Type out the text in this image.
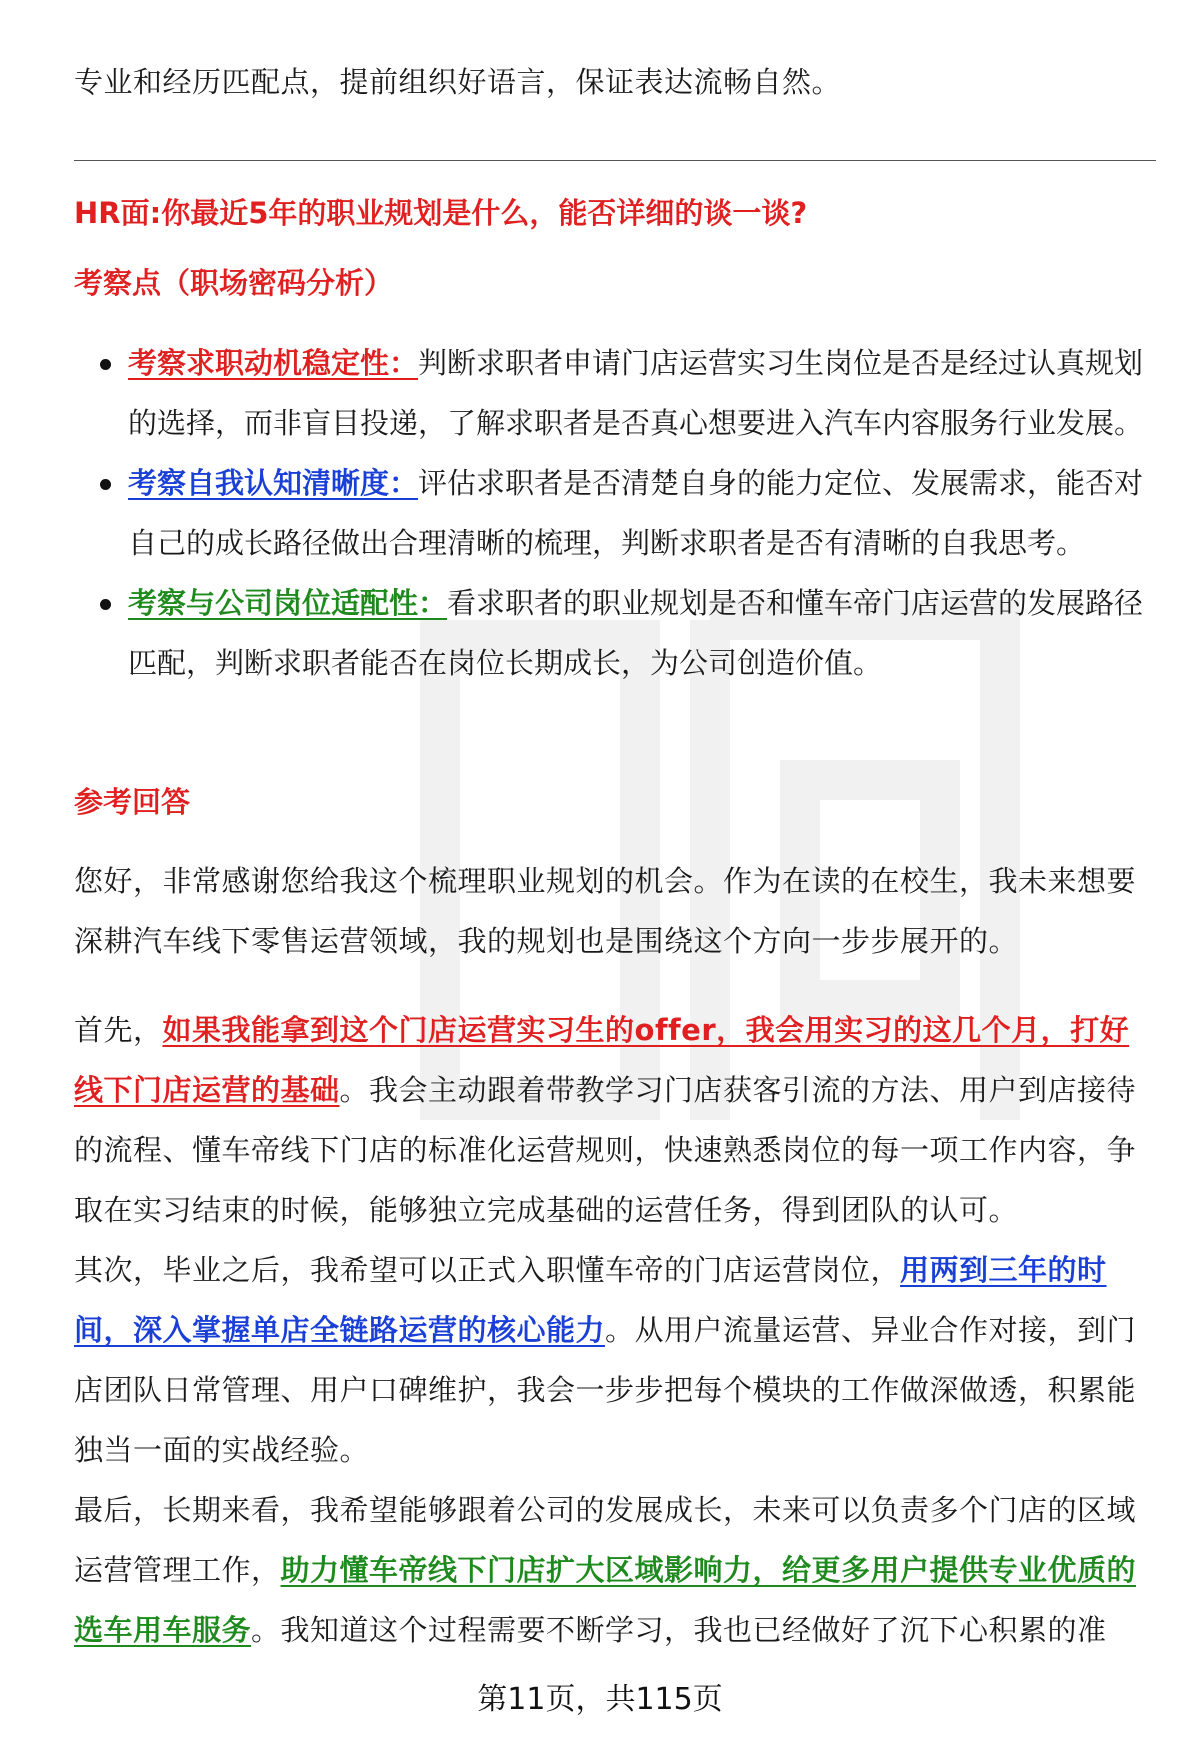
专业和经历匹配点，提前组织好语言，保证表达流畅自然。

HR面:你最近5年的职业规划是什么，能否详细的谈一谈?

考察点（职场密码分析）

考察求职动机稳定性：判断求职者申请门店运营实习生岗位是否是经过认真规划的选择，而非盲目投递，了解求职者是否真心想要进入汽车内容服务行业发展。
考察自我认知清晰度：评估求职者是否清楚自身的能力定位、发展需求，能否对自己的成长路径做出合理清晰的梳理，判断求职者是否有清晰的自我思考。
考察与公司岗位适配性：看求职者的职业规划是否和懂车帝门店运营的发展路径匹配，判断求职者能否在岗位长期成长，为公司创造价值。

参考回答

您好，非常感谢您给我这个梳理职业规划的机会。作为在读的在校生，我未来想要深耕汽车线下零售运营领域，我的规划也是围绕这个方向一步步展开的。

首先，如果我能拿到这个门店运营实习生的offer，我会用实习的这几个月，打好线下门店运营的基础。我会主动跟着带教学习门店获客引流的方法、用户到店接待的流程、懂车帝线下门店的标准化运营规则，快速熟悉岗位的每一项工作内容，争取在实习结束的时候，能够独立完成基础的运营任务，得到团队的认可。

其次，毕业之后，我希望可以正式入职懂车帝的门店运营岗位，用两到三年的时间，深入掌握单店全链路运营的核心能力。从用户流量运营、异业合作对接，到门店团队日常管理、用户口碑维护，我会一步步把每个模块的工作做深做透，积累能独当一面的实战经验。

最后，长期来看，我希望能够跟着公司的发展成长，未来可以负责多个门店的区域运营管理工作，助力懂车帝线下门店扩大区域影响力，给更多用户提供专业优质的选车用车服务。我知道这个过程需要不断学习，我也已经做好了沉下心积累的准

第11页，共115页
